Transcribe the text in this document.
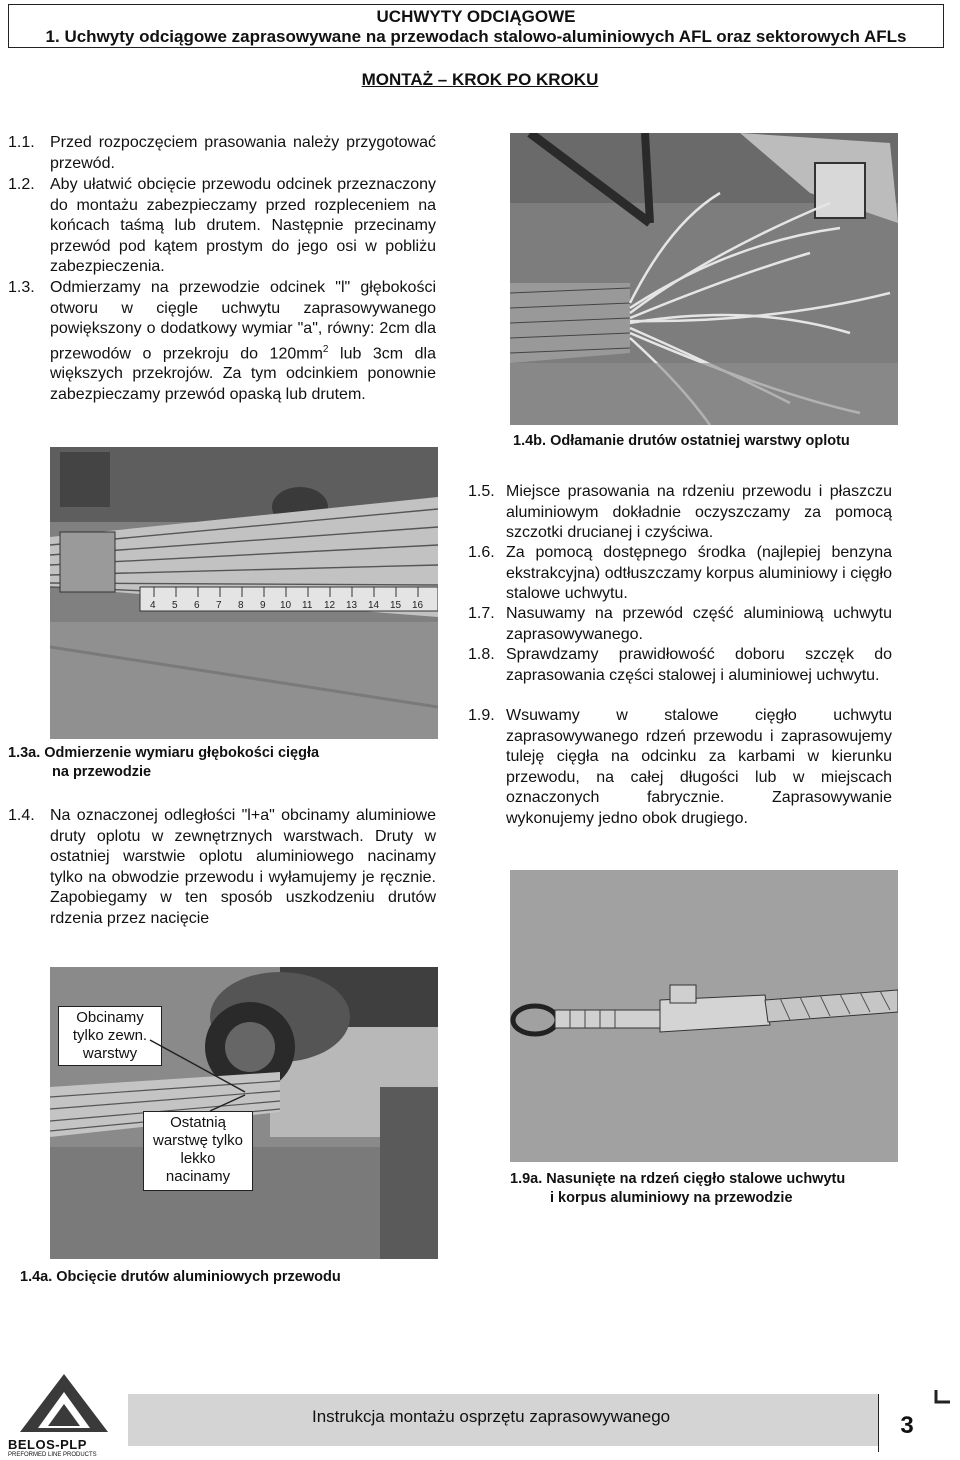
UCHWYTY ODCIĄGOWE
1. Uchwyty odciągowe zaprasowywane na przewodach stalowo-aluminiowych AFL oraz sektorowych AFLs
MONTAŻ – KROK PO KROKU
1.1. Przed rozpoczęciem prasowania należy przygotować przewód.
1.2. Aby ułatwić obcięcie przewodu odcinek przeznaczony do montażu zabezpieczamy przed rozpleceniem na końcach taśmą lub drutem. Następnie przecinamy przewód pod kątem prostym do jego osi w pobliżu zabezpieczenia.
1.3. Odmierzamy na przewodzie odcinek "l" głębokości otworu w cięgle uchwytu zaprasowywanego powiększony o dodatkowy wymiar "a", równy: 2cm dla przewodów o przekroju do $120mm^2$ lub 3cm dla większych przekrojów. Za tym odcinkiem ponownie zabezpieczamy przewód opaską lub drutem.
1.4b. Odłamanie drutów ostatniej warstwy oplotu
4 5 6 7 8 9 10 11 12 13 14 15 16
1.3a. Odmierzenie wymiaru głębokości cięgła
na przewodzie
1.4. Na oznaczonej odległości "l+a" obcinamy aluminiowe druty oplotu w zewnętrznych warstwach. Druty w ostatniej warstwie oplotu aluminiowego nacinamy tylko na obwodzie przewodu i wyłamujemy je ręcznie. Zapobiegamy w ten sposób uszkodzeniu drutów rdzenia przez nacięcie
1.5. Miejsce prasowania na rdzeniu przewodu i płaszczu aluminiowym dokładnie oczyszczamy za pomocą szczotki drucianej i czyściwa.
1.6. Za pomocą dostępnego środka (najlepiej benzyna ekstrakcyjna) odtłuszczamy korpus aluminiowy i cięgło stalowe uchwytu.
1.7. Nasuwamy na przewód część aluminiową uchwytu zaprasowywanego.
1.8. Sprawdzamy prawidłowość doboru szczęk do zaprasowania części stalowej i aluminiowej uchwytu.
1.9. Wsuwamy w stalowe cięgło uchwytu zaprasowywanego rdzeń przewodu i zaprasowujemy tuleję cięgła na odcinku za karbami w kierunku przewodu, na całej długości lub w miejscach oznaczonych fabrycznie. Zaprasowywanie wykonujemy jedno obok drugiego.
Obcinamy tylko zewn. warstwy
Ostatnią warstwę tylko lekko nacinamy
1.4a. Obcięcie drutów aluminiowych przewodu
1.9a. Nasunięte na rdzeń cięgło stalowe uchwytu
i korpus aluminiowy na przewodzie
BELOS-PLP
PREFORMED LINE PRODUCTS
Instrukcja montażu osprzętu zaprasowywanego	3
